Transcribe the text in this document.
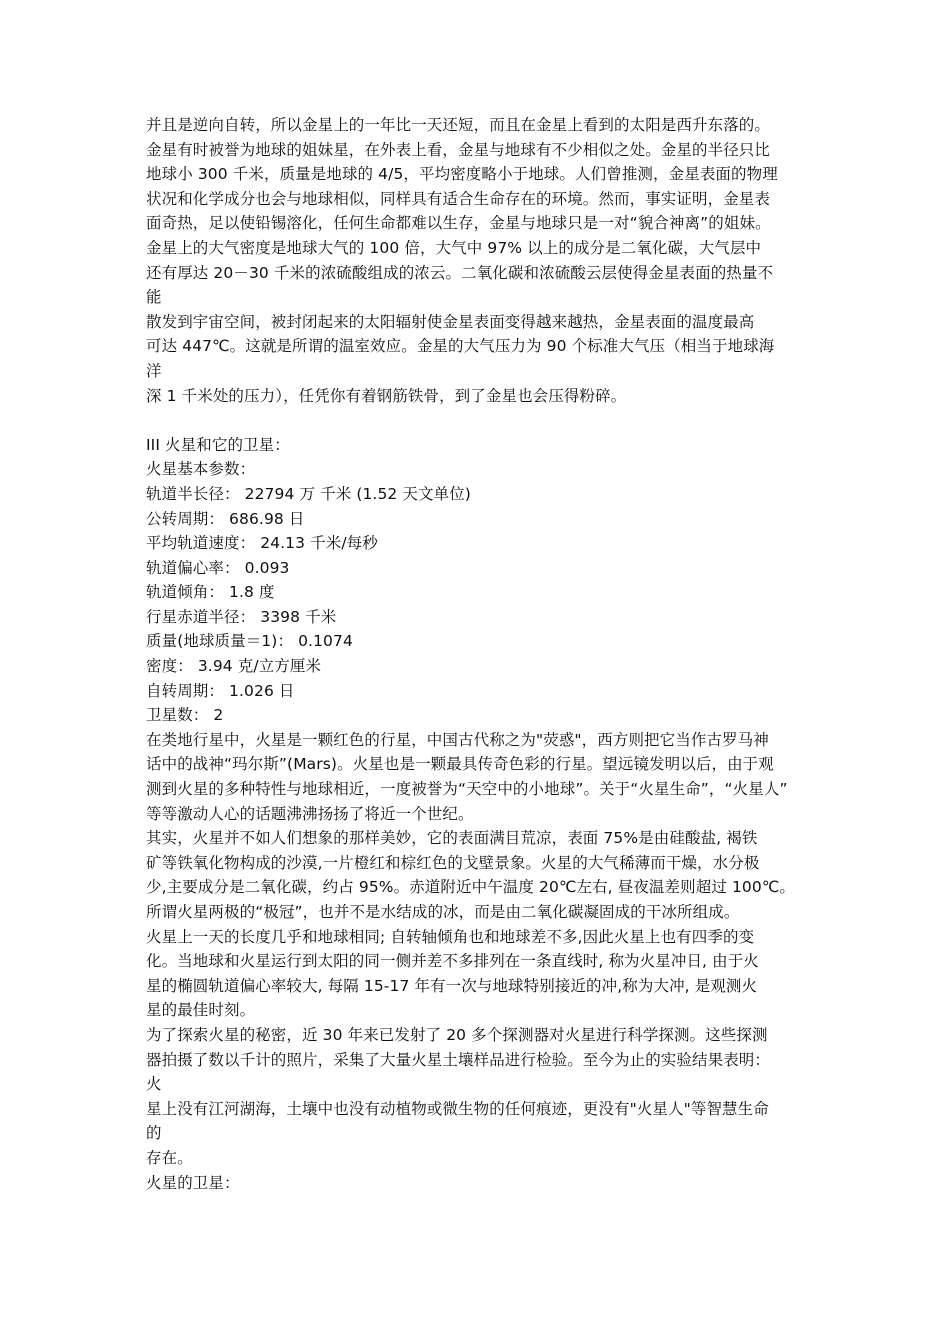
并且是逆向自转，所以金星上的一年比一天还短，而且在金星上看到的太阳是西升东落的。
金星有时被誉为地球的姐妹星，在外表上看，金星与地球有不少相似之处。金星的半径只比
地球小 300 千米，质量是地球的 4/5，平均密度略小于地球。人们曾推测，金星表面的物理
状况和化学成分也会与地球相似，同样具有适合生命存在的环境。然而，事实证明，金星表
面奇热，足以使铅锡溶化，任何生命都难以生存，金星与地球只是一对“貌合神离”的姐妹。
金星上的大气密度是地球大气的 100 倍，大气中 97% 以上的成分是二氧化碳，大气层中
还有厚达 20－30 千米的浓硫酸组成的浓云。二氧化碳和浓硫酸云层使得金星表面的热量不
能
散发到宇宙空间，被封闭起来的太阳辐射使金星表面变得越来越热，金星表面的温度最高
可达 447℃。这就是所谓的温室效应。金星的大气压力为 90 个标准大气压（相当于地球海
洋
深 1 千米处的压力），任凭你有着钢筋铁骨，到了金星也会压得粉碎。
III 火星和它的卫星：
火星基本参数：
轨道半长径： 22794 万 千米 (1.52 天文单位)
公转周期： 686.98 日
平均轨道速度： 24.13 千米/每秒
轨道偏心率： 0.093
轨道倾角： 1.8 度
行星赤道半径： 3398 千米
质量(地球质量＝1)： 0.1074
密度： 3.94 克/立方厘米
自转周期： 1.026 日
卫星数： 2
在类地行星中，火星是一颗红色的行星，中国古代称之为"荧惑"，西方则把它当作古罗马神
话中的战神“玛尔斯”(Mars)。火星也是一颗最具传奇色彩的行星。望远镜发明以后，由于观
测到火星的多种特性与地球相近，一度被誉为“天空中的小地球”。关于“火星生命”，“火星人”
等等激动人心的话题沸沸扬扬了将近一个世纪。
其实，火星并不如人们想象的那样美妙，它的表面满目荒凉，表面 75%是由硅酸盐, 褐铁
矿等铁氧化物构成的沙漠,一片橙红和棕红色的戈壁景象。火星的大气稀薄而干燥，水分极
少,主要成分是二氧化碳，约占 95%。赤道附近中午温度 20℃左右, 昼夜温差则超过 100℃。
所谓火星两极的“极冠”，也并不是水结成的冰，而是由二氧化碳凝固成的干冰所组成。
火星上一天的长度几乎和地球相同; 自转轴倾角也和地球差不多,因此火星上也有四季的变
化。当地球和火星运行到太阳的同一侧并差不多排列在一条直线时, 称为火星冲日, 由于火
星的椭圆轨道偏心率较大, 每隔 15-17 年有一次与地球特别接近的冲,称为大冲, 是观测火
星的最佳时刻。
为了探索火星的秘密，近 30 年来已发射了 20 多个探测器对火星进行科学探测。这些探测
器拍摄了数以千计的照片，采集了大量火星土壤样品进行检验。至今为止的实验结果表明：
火
星上没有江河湖海，土壤中也没有动植物或微生物的任何痕迹，更没有"火星人"等智慧生命
的
存在。
火星的卫星：
